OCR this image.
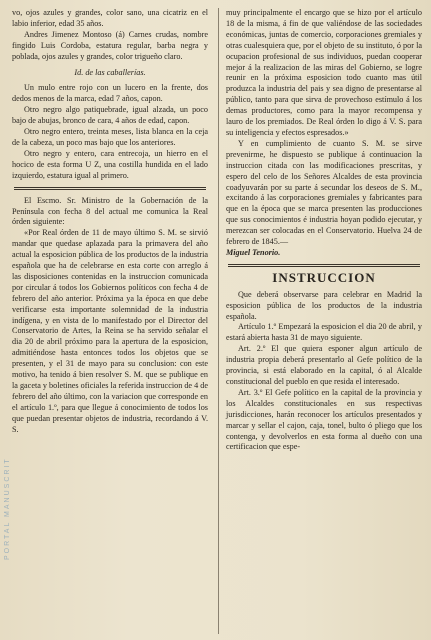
vo, ojos azules y grandes, color sano, una cicatriz en el labio inferior, edad 35 años.

Andres Jimenez Montoso (á) Carnes crudas, nombre fingido Luis Cordoba, estatura regular, barba negra y poblada, ojos azules y grandes, color trigueño claro.

Id. de las caballerías.

Un mulo entre rojo con un lucero en la frente, dos dedos menos de la marca, edad 7 años, capon.

Otro negro algo patiquebrade, igual alzada, un poco bajo de abujas, bronco de cara, 4 años de edad, capon.

Otro negro entero, treinta meses, lista blanca en la ceja de la cabeza, un poco mas bajo que los anteriores.

Otro negro y entero, cara entrecoja, un hierro en el hocico de esta forma U Z, una costilla hundida en el lado izquierdo, estatura igual al primero.

El Escmo. Sr. Ministro de la Gobernación de la Península con fecha 8 del actual me comunica la Real órden siguiente:

«Por Real órden de 11 de mayo último S. M. se sirvió mandar que quedase aplazada para la primavera del año actual la esposicion pública de los productos de la industria española que ha de celebrarse en esta corte con arreglo á las disposiciones contenidas en la instruccion comunicada por circular á todos los Gobiernos políticos con fecha 4 de febrero del año anterior. Próxima ya la época en que debe verificarse esta importante solemnidad de la industria indígena, y en vista de lo manifestado por el Director del Conservatorio de Artes, la Reina se ha servido señalar el dia 20 de abril próximo para la apertura de la esposicion, admitiéndose hasta entonces todos los objetos que se presenten, y el 31 de mayo para su conclusion: con este motivo, ha tenido á bien resolver S. M. que se publique en la gaceta y boletines oficiales la referida instruccion de 4 de febrero del año último, con la variacion que corresponde en el artículo 1.º, para que llegue á conocimiento de todos los que puedan presentar objetos de industria, recordando á V. S.

muy principalmente el encargo que se hizo por el artículo 18 de la misma, á fin de que valiéndose de las sociedades económicas, juntas de comercio, corporaciones gremiales y otras cualesquiera que, por el objeto de su instituto, ó por la ocupacion profesional de sus individuos, puedan cooperar mejor á la realizacion de las miras del Gobierno, se logre reunir en la próxima esposicion todo cuanto mas útil produzca la industria del pais y sea digno de presentarse al público, tanto para que sirva de provechoso estímulo á los demas productores, como para la mayor recompensa y lauro de los premiados. De Real órden lo digo á V. S. para su inteligencia y efectos espresados.»

Y en cumplimiento de cuanto S. M. se sirve prevenirme, he dispuesto se publique á continuacion la instruccion citada con las modificaciones prescritas, y espero del celo de los Señores Alcaldes de esta provincia coadyuvarán por su parte á secundar los deseos de S. M., excitando á las corporaciones gremiales y fabricantes para que en la época que se marca presenten las producciones que sus conocimientos é industria hoyan podido ejecutar, y merezcan ser colocadas en el Conservatorio. Huelva 24 de febrero de 1845.—

Miguel Tenorio.

INSTRUCCION

Que deberá observarse para celebrar en Madrid la esposicion pública de los productos de la industria española.

Artículo 1.º Empezará la esposicion el dia 20 de abril, y estará abierta hasta 31 de mayo siguiente.

Art. 2.º El que quiera esponer algun artículo de industria propia deberá presentarlo al Gefe político de la provincia, si está elaborado en la capital, ó al Alcalde constitucional del pueblo en que resida el interesado.

Art. 3.º El Gefe político en la capital de la provincia y los Alcaldes constitucionales en sus respectivas jurisdicciones, harán reconocer los artículos presentados y marcar y sellar el cajon, caja, tonel, bulto ó pliego que los contenga, y devolverlos en esta forma al dueño con una certificacion que espe-

PORTAL MANUSCRIT
